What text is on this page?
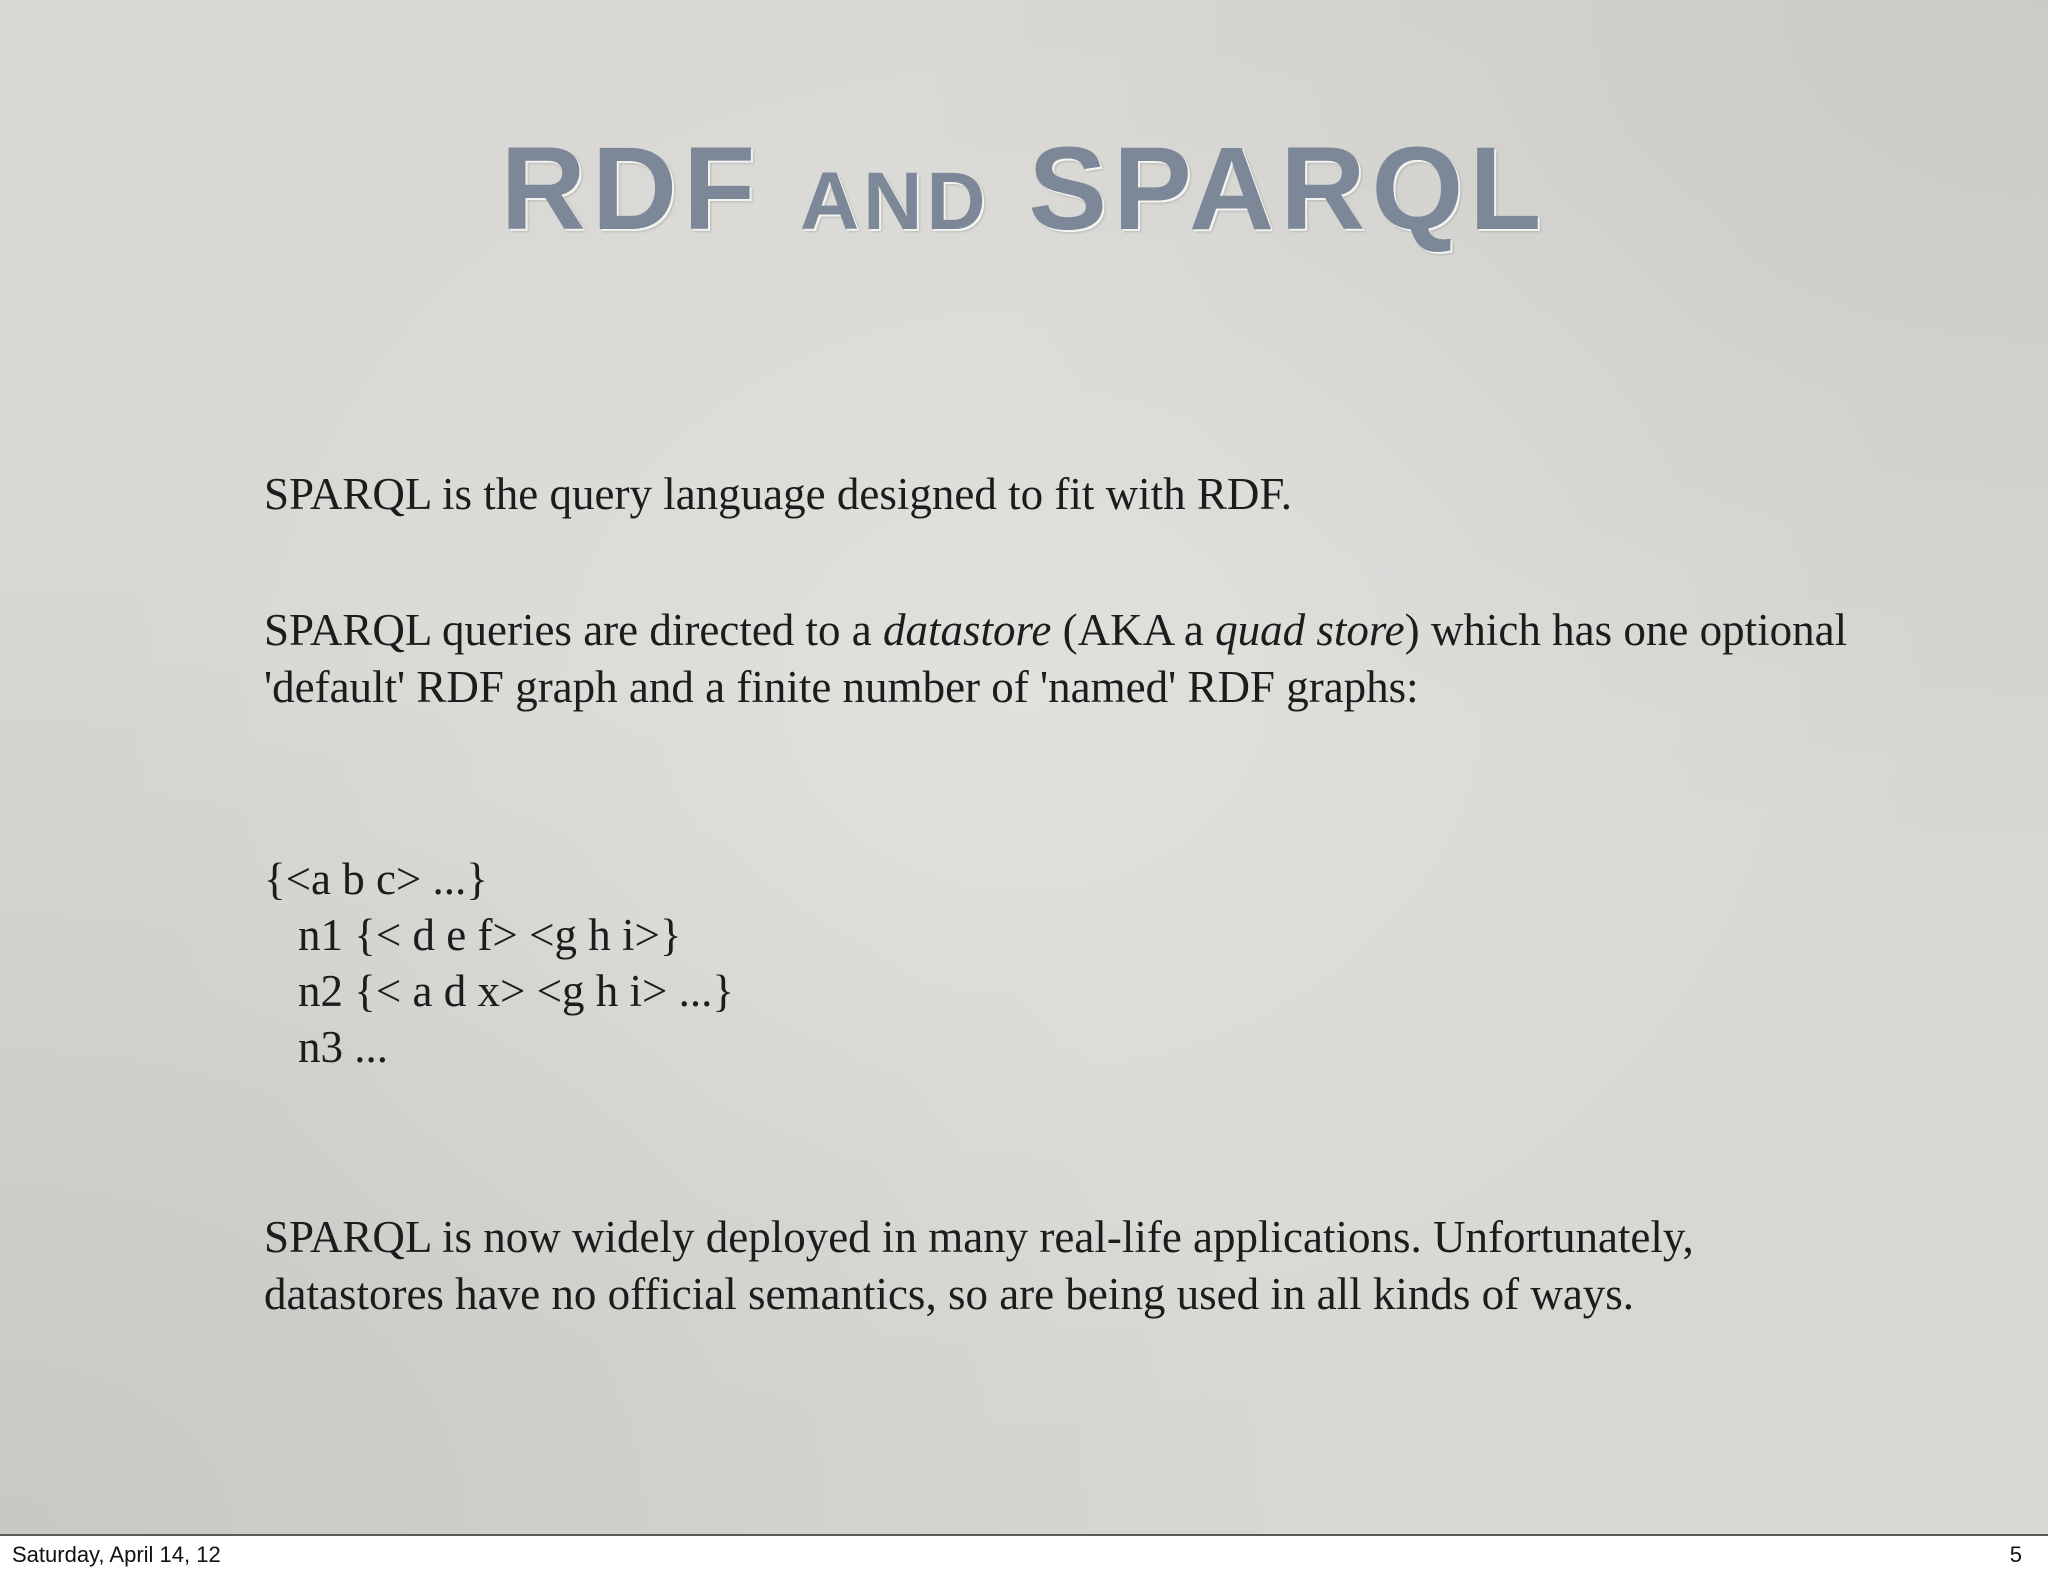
RDF AND SPARQL

SPARQL is the query language designed to fit with RDF.

SPARQL queries are directed to a datastore (AKA a quad store) which has one optional 'default' RDF graph and a finite number of 'named' RDF graphs:

{<a b c> ...}
n1 {< d e f> <g h i>}
n2 {< a d x> <g h i> ...}
n3 ...

SPARQL is now widely deployed in many real-life applications. Unfortunately, datastores have no official semantics, so are being used in all kinds of ways.

Saturday, April 14, 12	5
